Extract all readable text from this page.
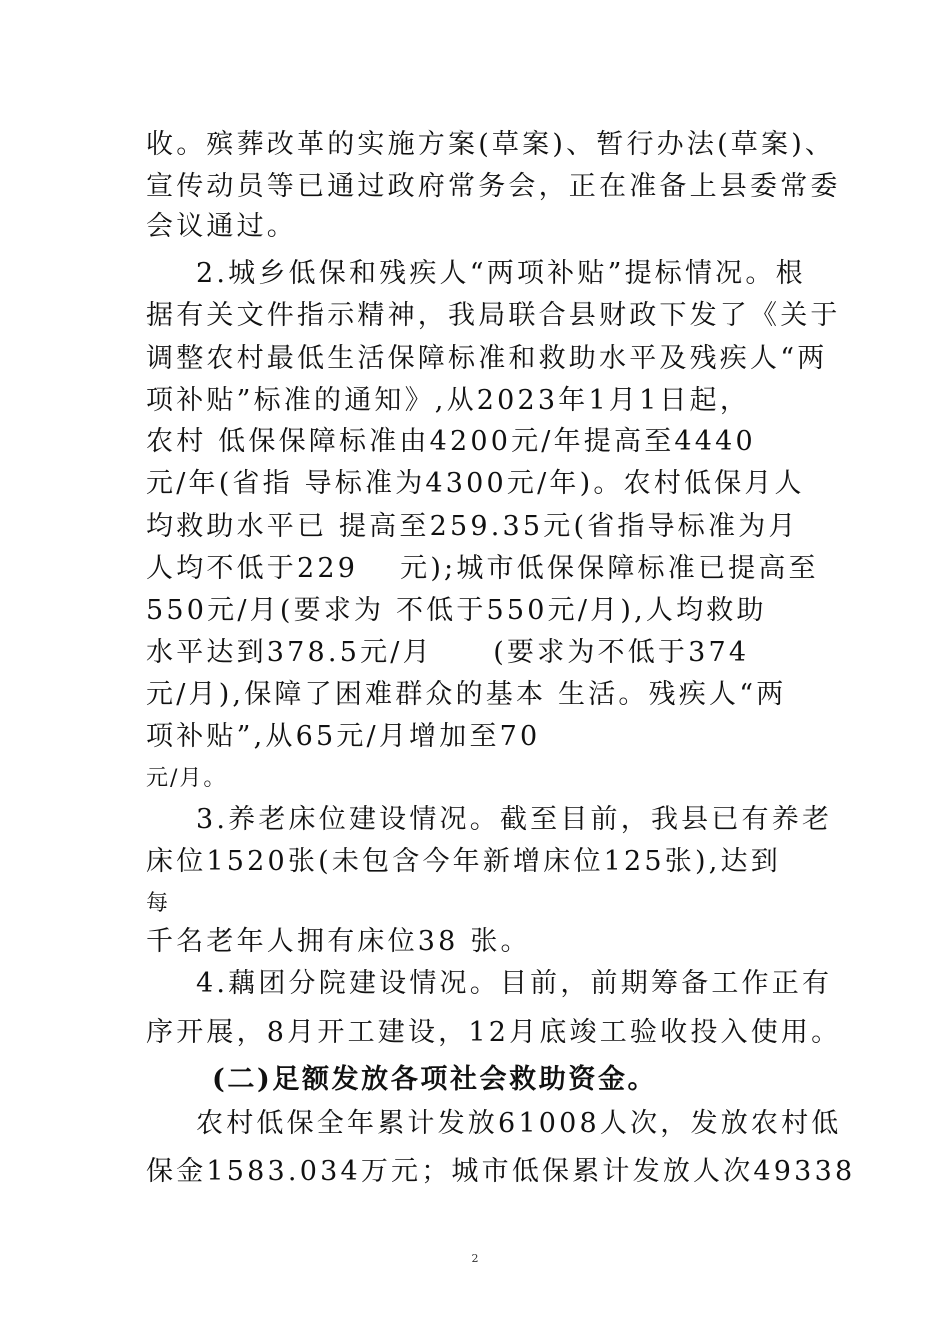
收。殡葬改革的实施方案(草案)、暂行办法(草案)、
宣传动员等已通过政府常务会，正在准备上县委常委
会议通过。
2.城乡低保和残疾人“两项补贴”提标情况。根
据有关文件指示精神，我局联合县财政下发了《关于
调整农村最低生活保障标准和救助水平及残疾人“两
项补贴”标准的通知》,从2023年1月1日起，
农村 低保保障标准由4200元/年提高至4440
元/年(省指 导标准为4300元/年)。农村低保月人
均救助水平已 提高至259.35元(省指导标准为月
人均不低于229　 元);城市低保保障标准已提高至
550元/月(要求为 不低于550元/月),人均救助
水平达到378.5元/月　　(要求为不低于374
元/月),保障了困难群众的基本 生活。残疾人“两
项补贴”,从65元/月增加至70
元/月。
3.养老床位建设情况。截至目前，我县已有养老
床位1520张(未包含今年新增床位125张),达到
每
千名老年人拥有床位38 张。
4.藕团分院建设情况。目前，前期筹备工作正有
序开展，8月开工建设，12月底竣工验收投入使用。
(二)足额发放各项社会救助资金。
农村低保全年累计发放61008人次，发放农村低
保金1583.034万元；城市低保累计发放人次49338
2
